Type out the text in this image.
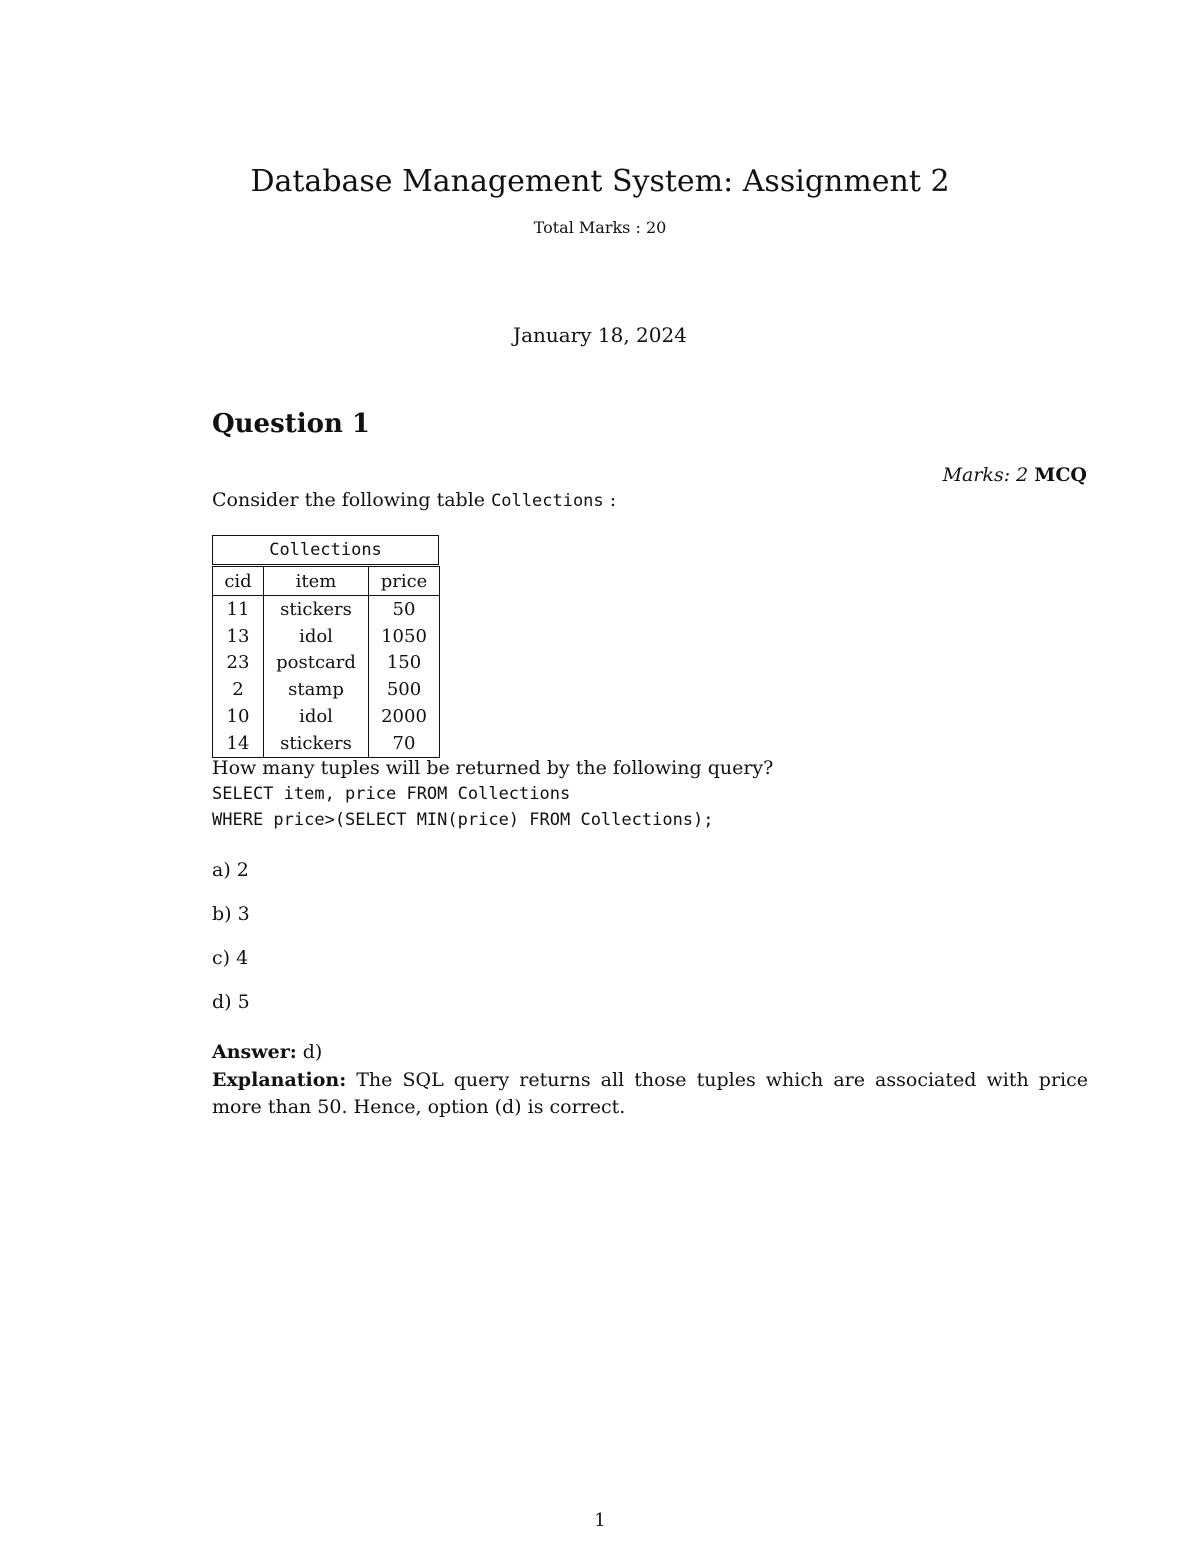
Database Management System: Assignment 2
Total Marks : 20
January 18, 2024
Question 1
Marks: 2 MCQ
Consider the following table Collections :
Collections
cid	item	price
11	stickers	50
13	idol	1050
23	postcard	150
2	stamp	500
10	idol	2000
14	stickers	70
How many tuples will be returned by the following query?
SELECT item, price FROM Collections
WHERE price>(SELECT MIN(price) FROM Collections);
a) 2
b) 3
c) 4
d) 5
Answer: d)
Explanation: The SQL query returns all those tuples which are associated with price more than 50. Hence, option (d) is correct.
1
